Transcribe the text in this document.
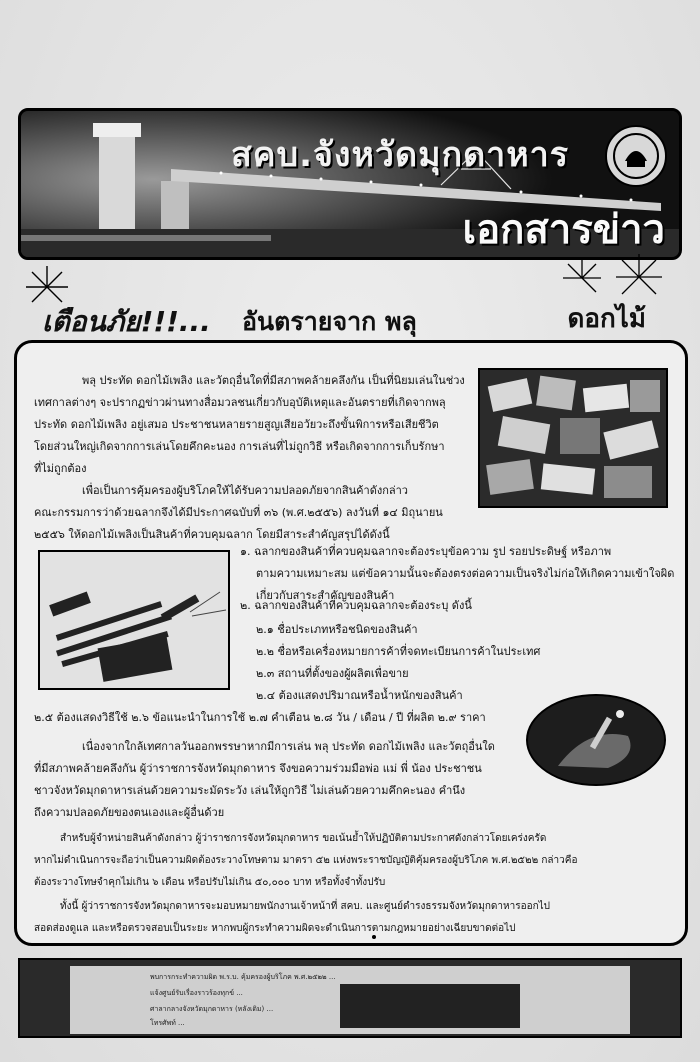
สคบ.จังหวัดมุกดาหาร
เอกสารข่าว
เตือนภัย!!!... อันตรายจาก พลุ	ดอกไม้
พลุ ประทัด ดอกไม้เพลิง และวัตถุอื่นใดที่มีสภาพคล้ายคลึงกัน เป็นที่นิยมเล่นในช่วง
เทศกาลต่างๆ จะปรากฏข่าวผ่านทางสื่อมวลชนเกี่ยวกับอุบัติเหตุและอันตรายที่เกิดจากพลุ
ประทัด ดอกไม้เพลิง อยู่เสมอ ประชาชนหลายรายสูญเสียอวัยวะถึงขั้นพิการหรือเสียชีวิต
โดยส่วนใหญ่เกิดจากการเล่นโดยคึกคะนอง การเล่นที่ไม่ถูกวิธี หรือเกิดจากการเก็บรักษา
ที่ไม่ถูกต้อง
เพื่อเป็นการคุ้มครองผู้บริโภคให้ได้รับความปลอดภัยจากสินค้าดังกล่าว
คณะกรรมการว่าด้วยฉลากจึงได้มีประกาศฉบับที่ ๓๖ (พ.ศ.๒๕๕๖) ลงวันที่ ๑๔ มิถุนายน
๒๕๕๖ ให้ดอกไม้เพลิงเป็นสินค้าที่ควบคุมฉลาก โดยมีสาระสำคัญสรุปได้ดังนี้
๑. ฉลากของสินค้าที่ควบคุมฉลากจะต้องระบุข้อความ รูป รอยประดิษฐ์ หรือภาพ
ตามความเหมาะสม แต่ข้อความนั้นจะต้องตรงต่อความเป็นจริงไม่ก่อให้เกิดความเข้าใจผิด
เกี่ยวกับสาระสำคัญของสินค้า
๒. ฉลากของสินค้าที่ควบคุมฉลากจะต้องระบุ ดังนี้
๒.๑ ชื่อประเภทหรือชนิดของสินค้า
๒.๒ ชื่อหรือเครื่องหมายการค้าที่จดทะเบียนการค้าในประเทศ
๒.๓ สถานที่ตั้งของผู้ผลิตเพื่อขาย
๒.๔ ต้องแสดงปริมาณหรือน้ำหนักของสินค้า
๒.๕ ต้องแสดงวิธีใช้ ๒.๖ ข้อแนะนำในการใช้ ๒.๗ คำเตือน ๒.๘ วัน / เดือน / ปี ที่ผลิต ๒.๙ ราคา
เนื่องจากใกล้เทศกาลวันออกพรรษาหากมีการเล่น พลุ ประทัด ดอกไม้เพลิง และวัตถุอื่นใด
ที่มีสภาพคล้ายคลึงกัน ผู้ว่าราชการจังหวัดมุกดาหาร จึงขอความร่วมมือพ่อ แม่ พี่ น้อง ประชาชน
ชาวจังหวัดมุกดาหารเล่นด้วยความระมัดระวัง เล่นให้ถูกวิธี ไม่เล่นด้วยความคึกคะนอง คำนึง
ถึงความปลอดภัยของตนเองและผู้อื่นด้วย
สำหรับผู้จำหน่ายสินค้าดังกล่าว ผู้ว่าราชการจังหวัดมุกดาหาร ขอเน้นย้ำให้ปฏิบัติตามประกาศดังกล่าวโดยเคร่งครัด
หากไม่ดำเนินการจะถือว่าเป็นความผิดต้องระวางโทษตาม มาตรา ๕๒ แห่งพระราชบัญญัติคุ้มครองผู้บริโภค พ.ศ.๒๕๒๒ กล่าวคือ
ต้องระวางโทษจำคุกไม่เกิน ๖ เดือน หรือปรับไม่เกิน ๕๐,๐๐๐ บาท หรือทั้งจำทั้งปรับ
ทั้งนี้ ผู้ว่าราชการจังหวัดมุกดาหารจะมอบหมายพนักงานเจ้าหน้าที่ สคบ. และศูนย์ดำรงธรรมจังหวัดมุกดาหารออกไป
สอดส่องดูแล และหรือตรวจสอบเป็นระยะ หากพบผู้กระทำความผิดจะดำเนินการตามกฎหมายอย่างเฉียบขาดต่อไป
พบการกระทำความผิด พ.ร.บ. คุ้มครองผู้บริโภค พ.ศ.๒๕๒๒ ...
แจ้งศูนย์รับเรื่องราวร้องทุกข์ ...
ศาลากลางจังหวัดมุกดาหาร (หลังเดิม) ...
โทรศัพท์ ...
